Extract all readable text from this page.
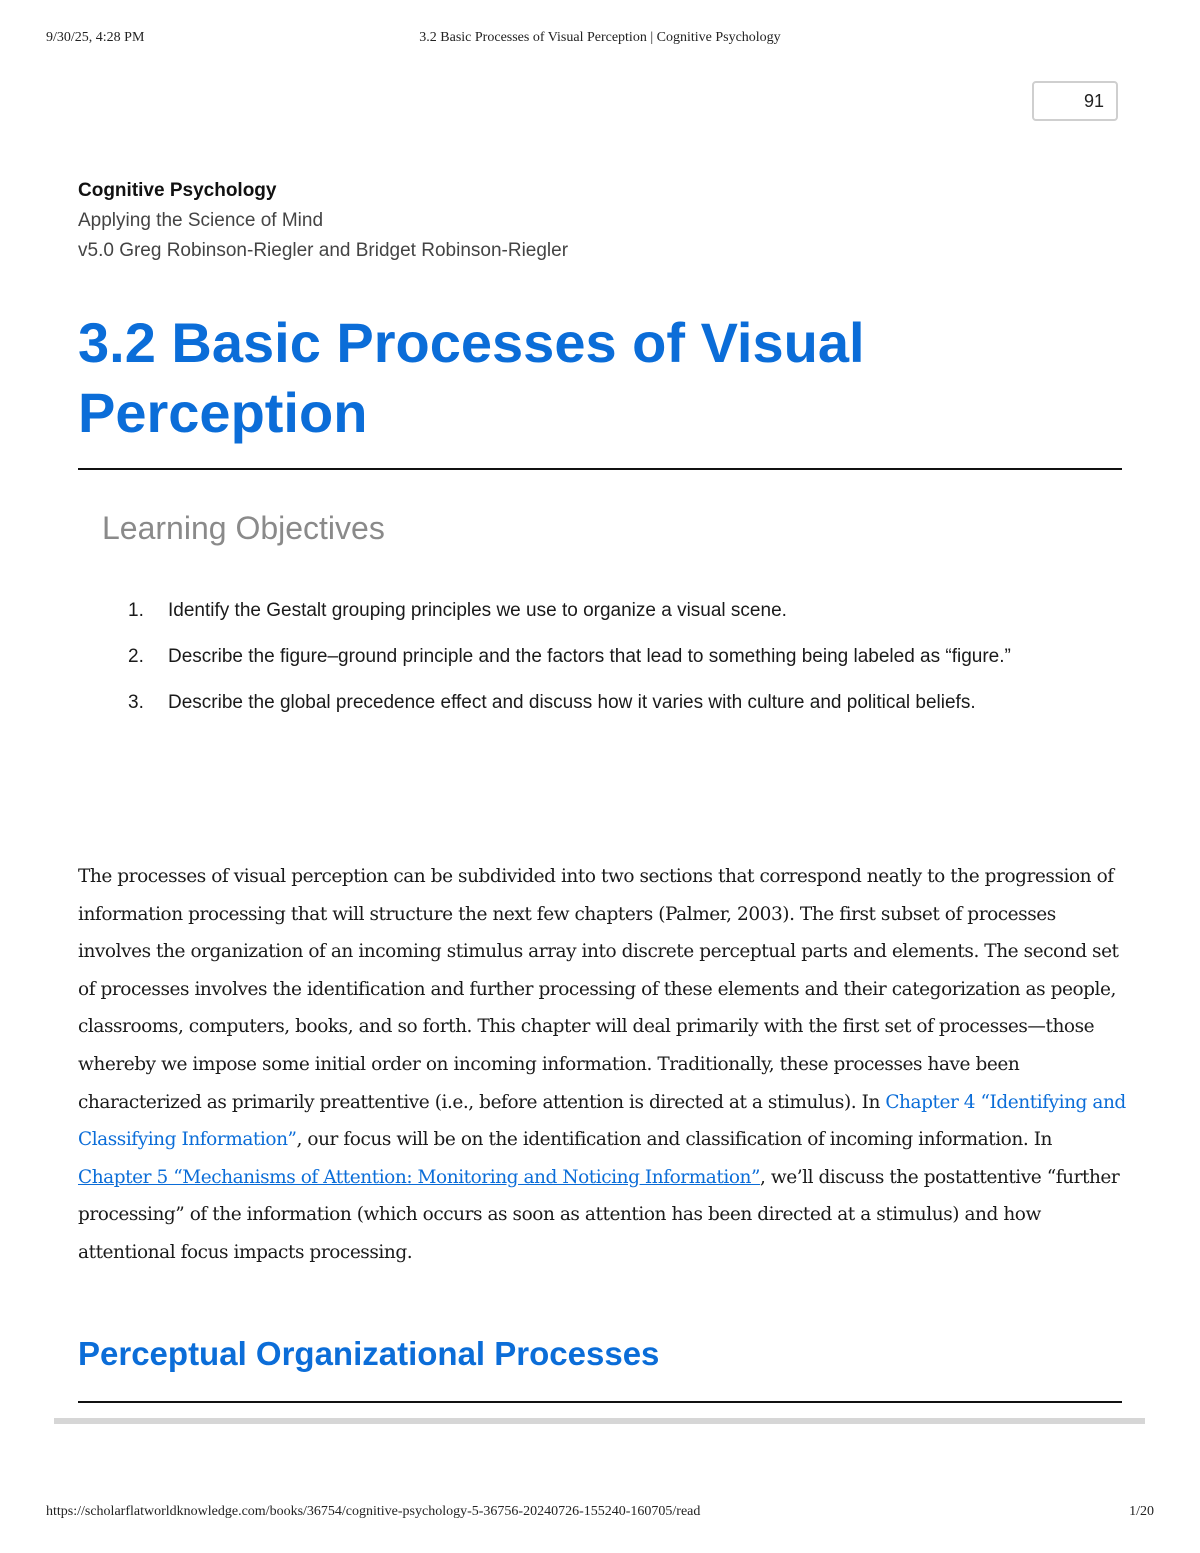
9/30/25, 4:28 PM	3.2 Basic Processes of Visual Perception | Cognitive Psychology
91
Cognitive Psychology
Applying the Science of Mind
v5.0 Greg Robinson-Riegler and Bridget Robinson-Riegler
3.2 Basic Processes of Visual Perception
Learning Objectives
1. Identify the Gestalt grouping principles we use to organize a visual scene.
2. Describe the figure–ground principle and the factors that lead to something being labeled as “figure.”
3. Describe the global precedence effect and discuss how it varies with culture and political beliefs.

The processes of visual perception can be subdivided into two sections that correspond neatly to the progression of information processing that will structure the next few chapters (Palmer, 2003). The first subset of processes involves the organization of an incoming stimulus array into discrete perceptual parts and elements. The second set of processes involves the identification and further processing of these elements and their categorization as people, classrooms, computers, books, and so forth. This chapter will deal primarily with the first set of processes—those whereby we impose some initial order on incoming information. Traditionally, these processes have been characterized as primarily preattentive (i.e., before attention is directed at a stimulus). In Chapter 4 “Identifying and Classifying Information”, our focus will be on the identification and classification of incoming information. In Chapter 5 “Mechanisms of Attention: Monitoring and Noticing Information”, we’ll discuss the postattentive “further processing” of the information (which occurs as soon as attention has been directed at a stimulus) and how attentional focus impacts processing.

Perceptual Organizational Processes
https://scholarflatworldknowledge.com/books/36754/cognitive-psychology-5-36756-20240726-155240-160705/read	1/20
